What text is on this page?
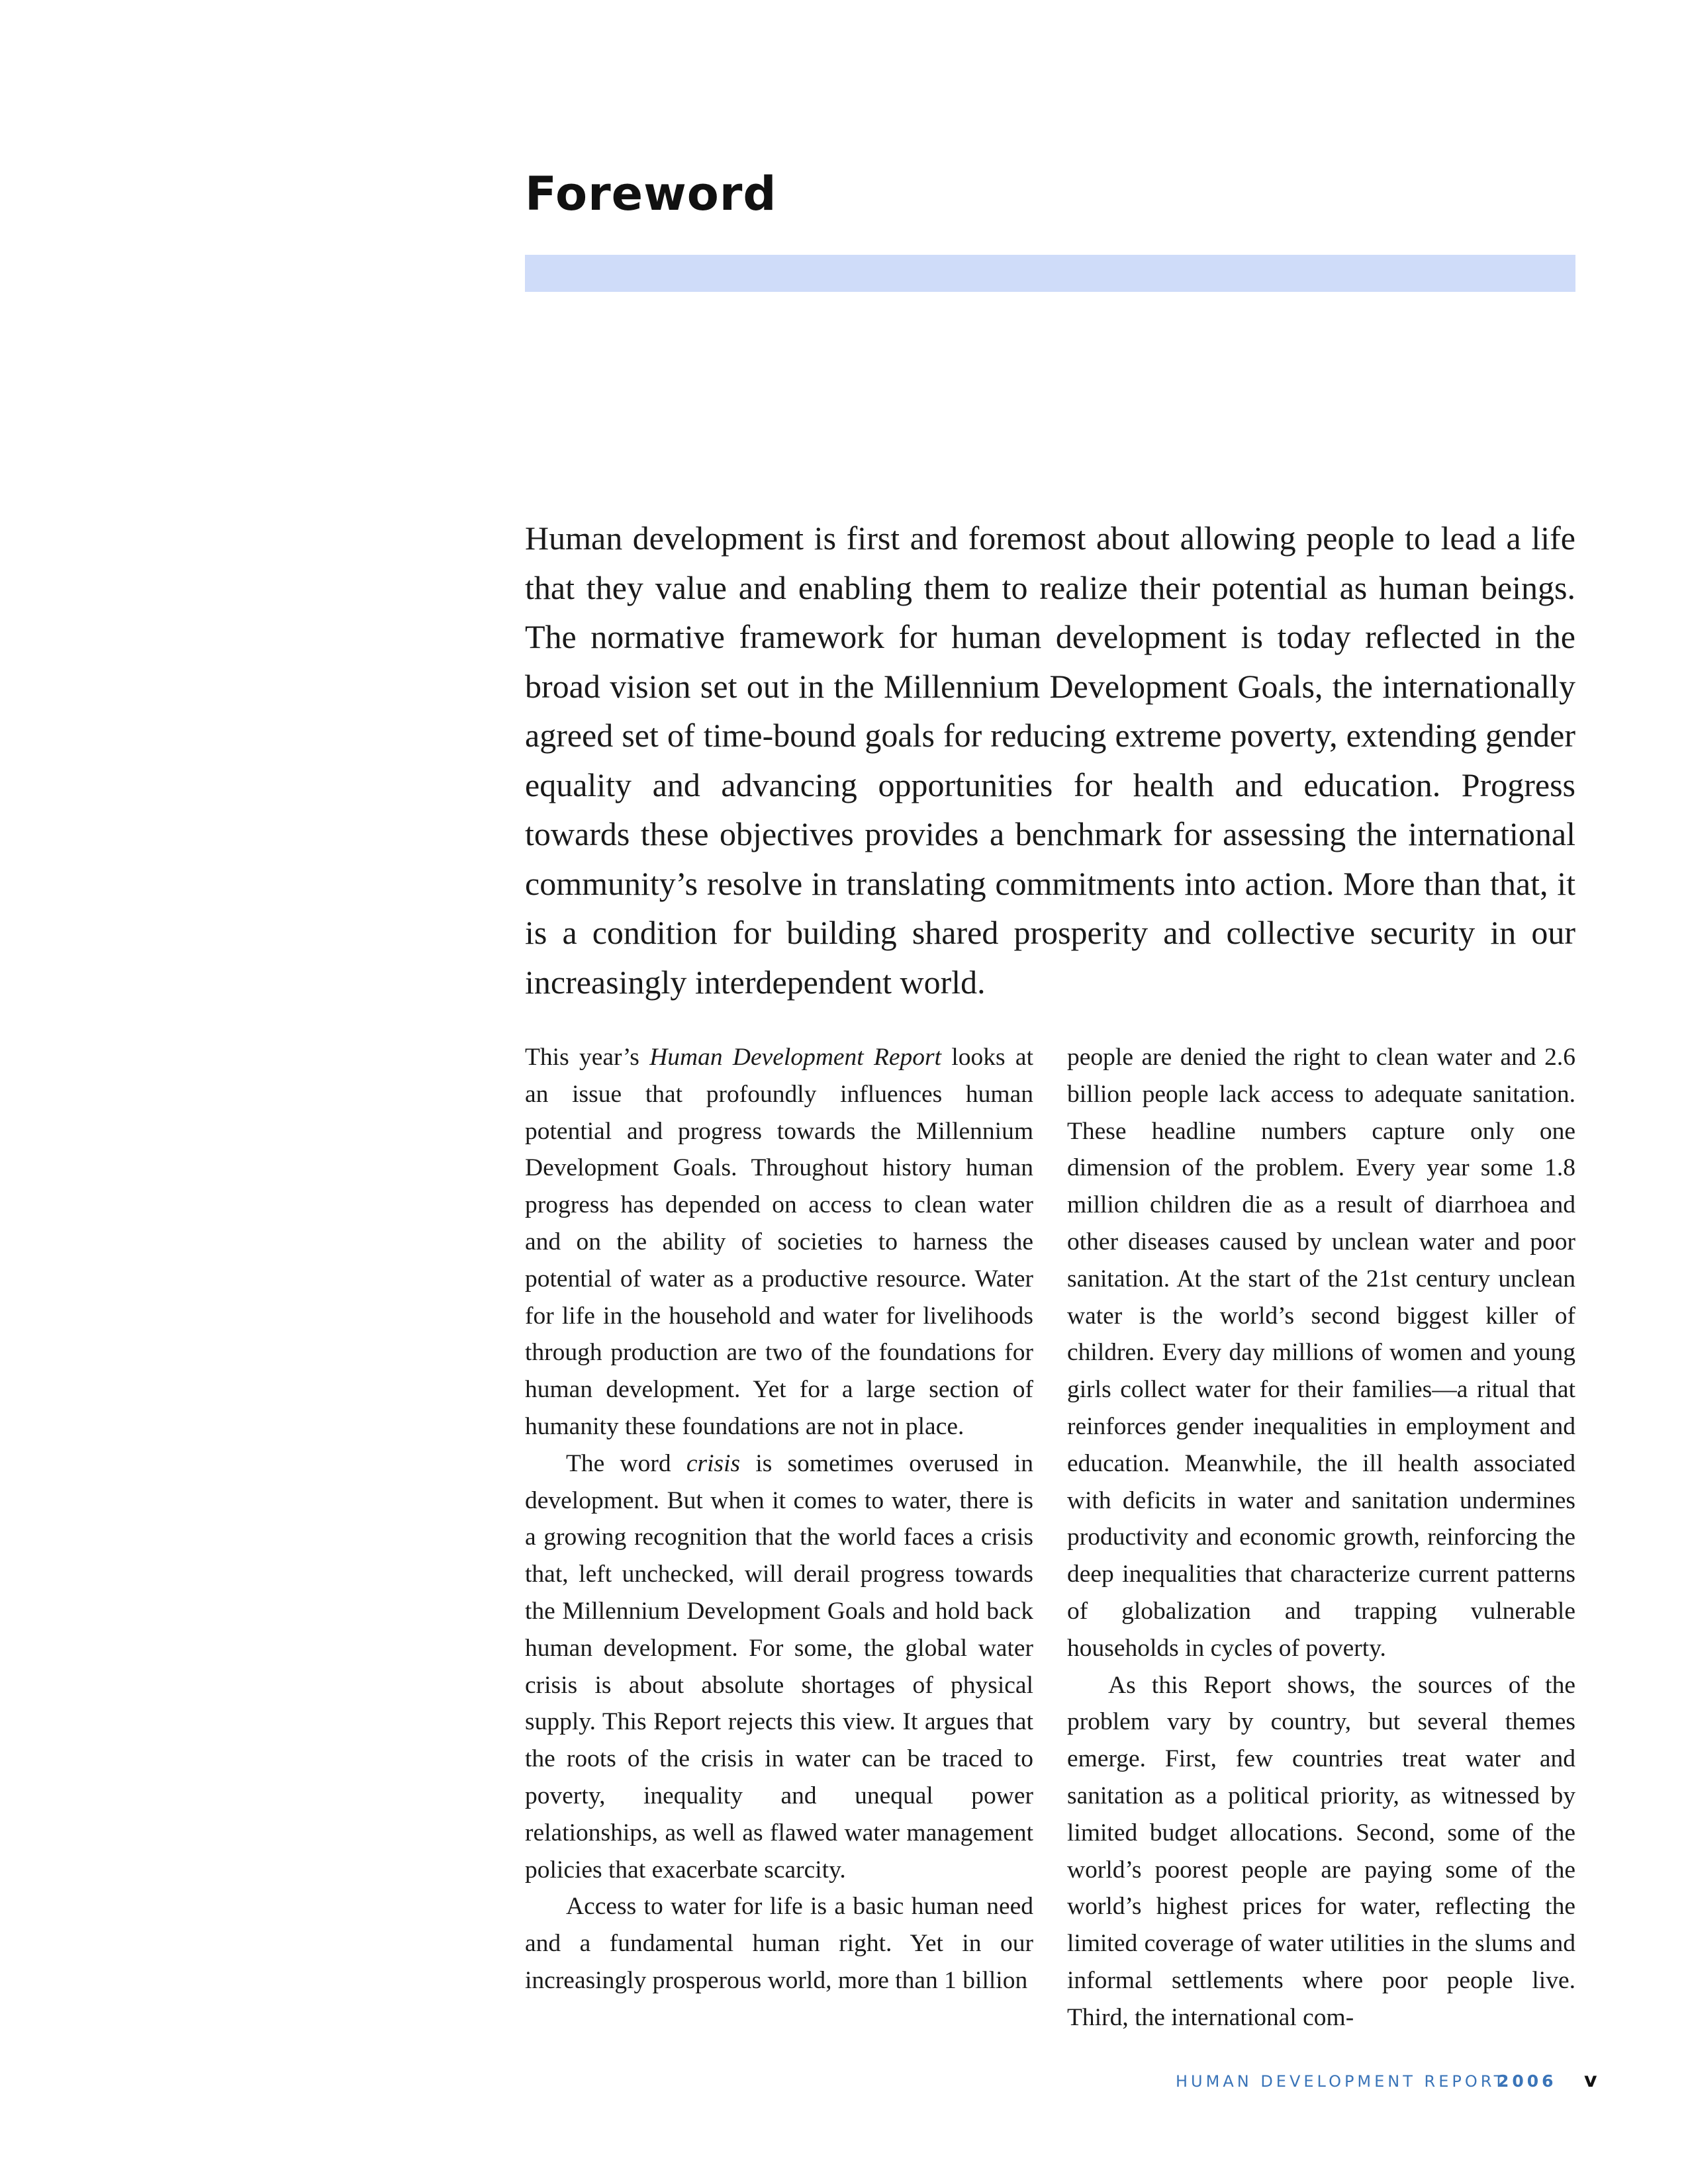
Foreword

Human development is first and foremost about allowing people to lead a life that they value and enabling them to realize their potential as human beings. The normative framework for human development is today reflected in the broad vision set out in the Millennium Development Goals, the internationally agreed set of time-bound goals for reducing extreme poverty, extending gender equality and advancing opportunities for health and education. Progress towards these objectives provides a benchmark for assessing the international community’s resolve in translating commitments into action. More than that, it is a condition for building shared prosperity and collective security in our increasingly interdependent world.

This year’s Human Development Report looks at an issue that profoundly influences human potential and progress towards the Millennium Development Goals. Throughout history human progress has depended on access to clean water and on the ability of societies to harness the potential of water as a productive resource. Water for life in the household and water for livelihoods through production are two of the foundations for human development. Yet for a large section of humanity these foundations are not in place.

The word crisis is sometimes overused in development. But when it comes to water, there is a growing recognition that the world faces a crisis that, left unchecked, will derail progress towards the Millennium Development Goals and hold back human development. For some, the global water crisis is about absolute shortages of physical supply. This Report rejects this view. It argues that the roots of the crisis in water can be traced to poverty, inequality and unequal power relationships, as well as flawed water management policies that exacerbate scarcity.

Access to water for life is a basic human need and a fundamental human right. Yet in our increasingly prosperous world, more than 1 billion

people are denied the right to clean water and 2.6 billion people lack access to adequate sanitation. These headline numbers capture only one dimension of the problem. Every year some 1.8 million children die as a result of diarrhoea and other diseases caused by unclean water and poor sanitation. At the start of the 21st century unclean water is the world’s second biggest killer of children. Every day millions of women and young girls collect water for their families—a ritual that reinforces gender inequalities in employment and education. Meanwhile, the ill health associated with deficits in water and sanitation undermines productivity and economic growth, reinforcing the deep inequalities that characterize current patterns of globalization and trapping vulnerable households in cycles of poverty.

As this Report shows, the sources of the problem vary by country, but several themes emerge. First, few countries treat water and sanitation as a political priority, as witnessed by limited budget allocations. Second, some of the world’s poorest people are paying some of the world’s highest prices for water, reflecting the limited coverage of water utilities in the slums and informal settlements where poor people live. Third, the international com-

HUMAN DEVELOPMENT REPORT
2006 v
